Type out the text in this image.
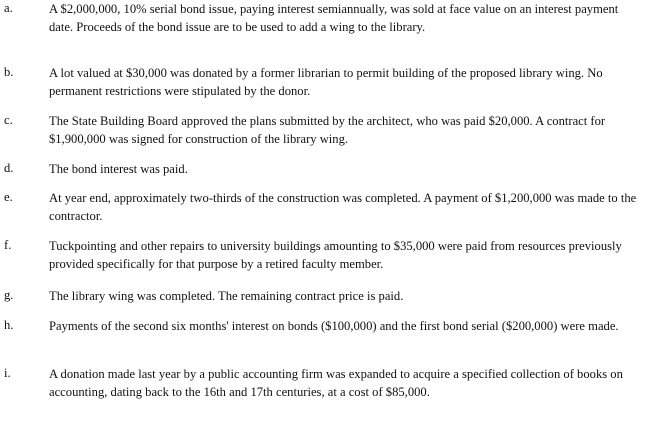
a.	A $2,000,000, 10% serial bond issue, paying interest semiannually, was sold at face value on an interest payment date. Proceeds of the bond issue are to be used to add a wing to the library.

b.	A lot valued at $30,000 was donated by a former librarian to permit building of the proposed library wing. No permanent restrictions were stipulated by the donor.

c.	The State Building Board approved the plans submitted by the architect, who was paid $20,000. A contract for $1,900,000 was signed for construction of the library wing.

d.	The bond interest was paid.

e.	At year end, approximately two-thirds of the construction was completed. A payment of $1,200,000 was made to the contractor.

f.	Tuckpointing and other repairs to university buildings amounting to $35,000 were paid from resources previously provided specifically for that purpose by a retired faculty member.

g.	The library wing was completed. The remaining contract price is paid.

h.	Payments of the second six months' interest on bonds ($100,000) and the first bond serial ($200,000) were made.

i.	A donation made last year by a public accounting firm was expanded to acquire a specified collection of books on accounting, dating back to the 16th and 17th centuries, at a cost of $85,000.
